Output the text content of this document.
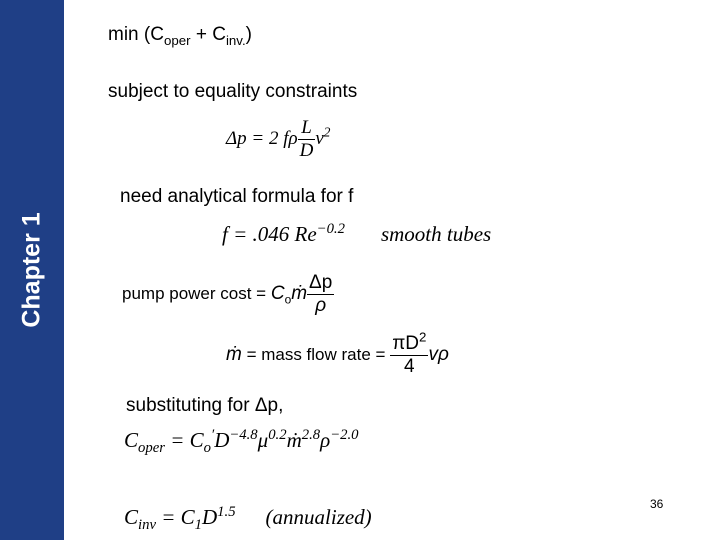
Chapter 1
$\min (C_{oper} + C_{inv.})$
subject to equality constraints
Δp = 2 fρ $\frac{L}{D} v^2$
need analytical formula for f
f = .046 $Re^{-0.2}$ smooth tubes
pump power $\cos t = C_oṁ \frac{\Delta p}{\rho}$
ṁ = mass flow rate = $\frac{\pi D^2}{4}$ vρ
substituting for Δp,
$C_{oper}$ = $C_o'D^{-4.8}\mu^{0.2}ṁ^{2.8}\rho^{-2.0}$
$C_{inv} = C_1D^{1.5}$ (annualized)
36
